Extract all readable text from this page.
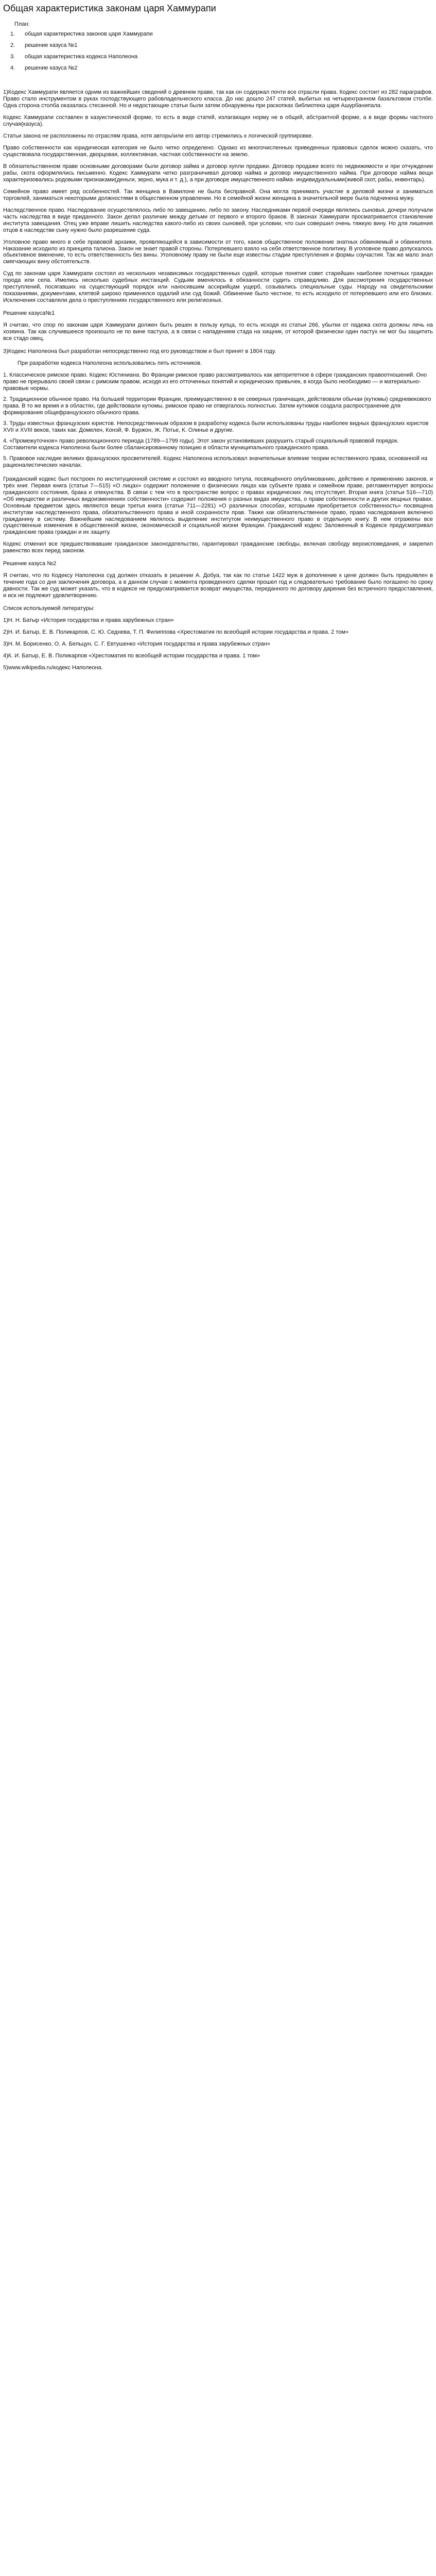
Общая характеристика законам царя Хаммурапи
План:
1.	общая характеристика законов царя Хаммурапи
2.	решение казуса №1
3.	общая характеристика кодекса Наполеона
4.	решение казуса №2

1)Кодекс Хаммурапи является одним из важнейших сведений о древнем праве, так как он содержал почти все отрасли права. Кодекс состоит из 282 параграфов. Право стало инструментом в руках господствующего рабовладельческого класса. До нас дошло 247 статей, выбитых на четырехгранном базальтовом столбе. Одна сторона столба оказалась стесанной. Но и недостающие статьи были затем обнаружены при раскопках библиотека царя Ашурбанипала.

Кодекс Хаммурапи составлен в казуистической форме, то есть в виде статей, излагающих норму не в общей, абстрактной форме, а в виде формы частного случая(казуса).

Статьи закона не расположены по отраслям права, хотя авторы\или его автор стремились к логической группировке.

Право собственности как юридическая категория не было четко определено. Однако из многочисленных приведенных правовых сделок можно сказать, что существовала государственная, дворцовая, коллективная, частная собственности на землю.

В обязательственном праве основными договорами были договор займа и договор купли продажи. Договор продажи всего по недвижимости и при отчуждении рабы, скота оформлялись письменно. Кодекс Хаммурапи четко разграничивал договор найма и договор имущественного найма. При договоре найма вещи характеризовались родовыми признаками(деньги, зерно, мука и т. д.), а при договоре имущественного найма- индивидуальными(живой скот, рабы, инвентарь).

Семейное право имеет ряд особенностей. Так женщина в Вавилоне не была бесправной. Она могла принимать участие в деловой жизни и заниматься торговлей, заниматься некоторыми должностями в общественном управлении. Но в семейной жизни женщина в значительной мере была подчинена мужу.

Наследственное право. Наследование осуществлялось либо по завещанию, либо по закону. Наследниками первой очереди являлись сыновья, дочери получали часть наследства в виде приданного. Закон делал различие между детьми от первого и второго браков. В законах Хаммурапи просматривается становление института завещания. Отец уже вправе лишить наследства какого-либо из своих сыновей, при условии, что сын совершил очень тяжкую вину. Но для лишения отцов в наследстве сыну нужно было разрешение суда.

Уголовное право много в себе правовой архаики, проявляющейся в зависимости от того, каков общественное положение знатных обвиняемый и обвинителя. Наказание исходило из принципа талиона. Закон не знает правой стороны. Потерпевшего взяло на себя ответственное политику. В уголовное право допускалось обьективное вменение, то есть ответственность без вины. Уголовному праву не были еще известны стадии преступления и формы соучастия. Так же мало знал смягчающих вину обстоятельств.

Суд по законам царя Хаммурапи состоял из нескольких независимых государственных судей, которые понятия совет старейшин наиболее почетных граждан города или села. Имелись несколько судебных инстанций. Судьям вменялось в обязанности судить справедливо. Для рассмотрения государственных преступлений, посягавших на существующий порядок или наносившим ассирийцам ущерб, созывались специальные суды. Народу на свидетельскими показаниями, документами, клятвой широко применялся ордалий или суд божий. Обвинение было честное, то есть исходило от потерпевшего или его близких. Исключения составляли дела о преступлениях государственного или религиозных.

Решение казуса№1

Я считаю, что спор по законам царя Хаммурапи должен быть решен в пользу купца, то есть исходя из статьи 266, убытки от падежа скота должны лечь на хозяина. Так как случившееся произошло не по вине пастуха, а в связи с нападением стада на хищник, от которой физически один пастух не мог бы защитить все стадо овец.

3)Кодекс Наполеона был разработан непосредственно под его руководством и был принят в 1804 году.

При разработке кодекса Наполеона использовались пять источников.

1. Классическое римское право. Кодекс Юстиниана. Во Франции римское право рассматривалось как авторитетное в сфере гражданских правоотношений. Оно право не прерывало своей связи с римским правом, исходя из его отточенных понятий и юридических привычек, в когда было необходимо — и материально-правовые нормы.
2. Традиционное обычное право. На большей территории Франции, преимущественно в ее северных граничащих, действовали обычаи (кутюмы) средневекового права. В то же время и в областях, где действовали кутюмы, римское право не отвергалось полностью. Затем кутюмов создала распространение для формирования общефранцузского обычного права.
3. Труды известных французских юристов. Непосредственным образом в разработку кодекса были использованы труды наиболее видных французских юристов XVII и XVIII веков, таких как: Домелен, Конэй, Ф. Буржон, Ж. Потье, К. Олинье и другие.
4. «Промежуточное» право революционного периода (1789—1799 годы). Этот закон установивших разрушить старый социальный правовой порядок. Составители кодекса Наполеона были более сбалансированному позицию в области муниципального гражданского права.
5. Правовое наследие великих французских просветителей. Кодекс Наполеона использовал значительные влияние теории естественного права, основанной на рационалистических началах.

Гражданский кодекс был построен по институционной системе и состоял из вводного титула, посвящённого опубликованию, действию и применению законов, и трёх книг. Первая книга (статьи 7—515) «О лицах» содержит положение о физических лицах как субъекте права и семейном праве, регламентирует вопросы гражданского состояния, брака и опекунства. В связи с тем что в пространстве вопрос о правах юридических лиц отсутствует. Вторая книга (статьи 516—710) «Об имуществе и различных видоизменениях собственности» содержит положения о разных видах имущества, о праве собственности и других вещных правах. Основным предметом здесь являются вещи третья книга (статьи 711—2281) «О различных способах, которыми приобретается собственность» посвящена институтам наследственного права, обязательственного права и иной сохранности прав. Также как обязательственное право, право наследования включено гражданину в систему. Важнейшим наследованием являлось выделение институтом неимущественного право в отдельную книгу. В нем отражены все существенные изменения в общественной жизни, экономической и социальной жизни Франции. Гражданский кодекс Заложенный в Кодексе предусматривал гражданские права граждан и их защиту.

Кодекс отменил все предшествовавшие гражданское законодательство, гарантировал гражданские свободы, включая свободу вероисповедания, и закрепил равенство всех перед законом.

Решение казуса №2

Я считаю, что по Кодексу Наполеона суд должен отказать в решении А. Добуа, так как по статье 1422 муж в дополнение к цене должен быть предъявлен в течение года со дня заключения договора, а в данном случае с момента проведенного сделки прошел год и следовательно требование было погашено по сроку давности. Так же суд может указать, что в кодексе не предусматривается возврат имущества, переданного по договору дарения без встречного предоставления, и иск не подлежит удовлетворению.

Список используемой литературы:

1)Н. Н. Батыр «История государства и права зарубежных стран»

2)Н. И. Батыр, Е. В. Поликарпов, С. Ю. Седнева, Т. П. Филиппова «Хрестоматия по всеобщей истории государства и права. 2 том»

3)Н. М. Борисенко, О. А. Бельцун, С. Г. Евтушенко «История государства и права зарубежных стран»

4)К. И. Батыр, Е. В. Поликарпов «Хрестоматия по всеобщей истории государства и права. 1 том»

5)www.wikipedia.ru/кодекс Наполеона.
